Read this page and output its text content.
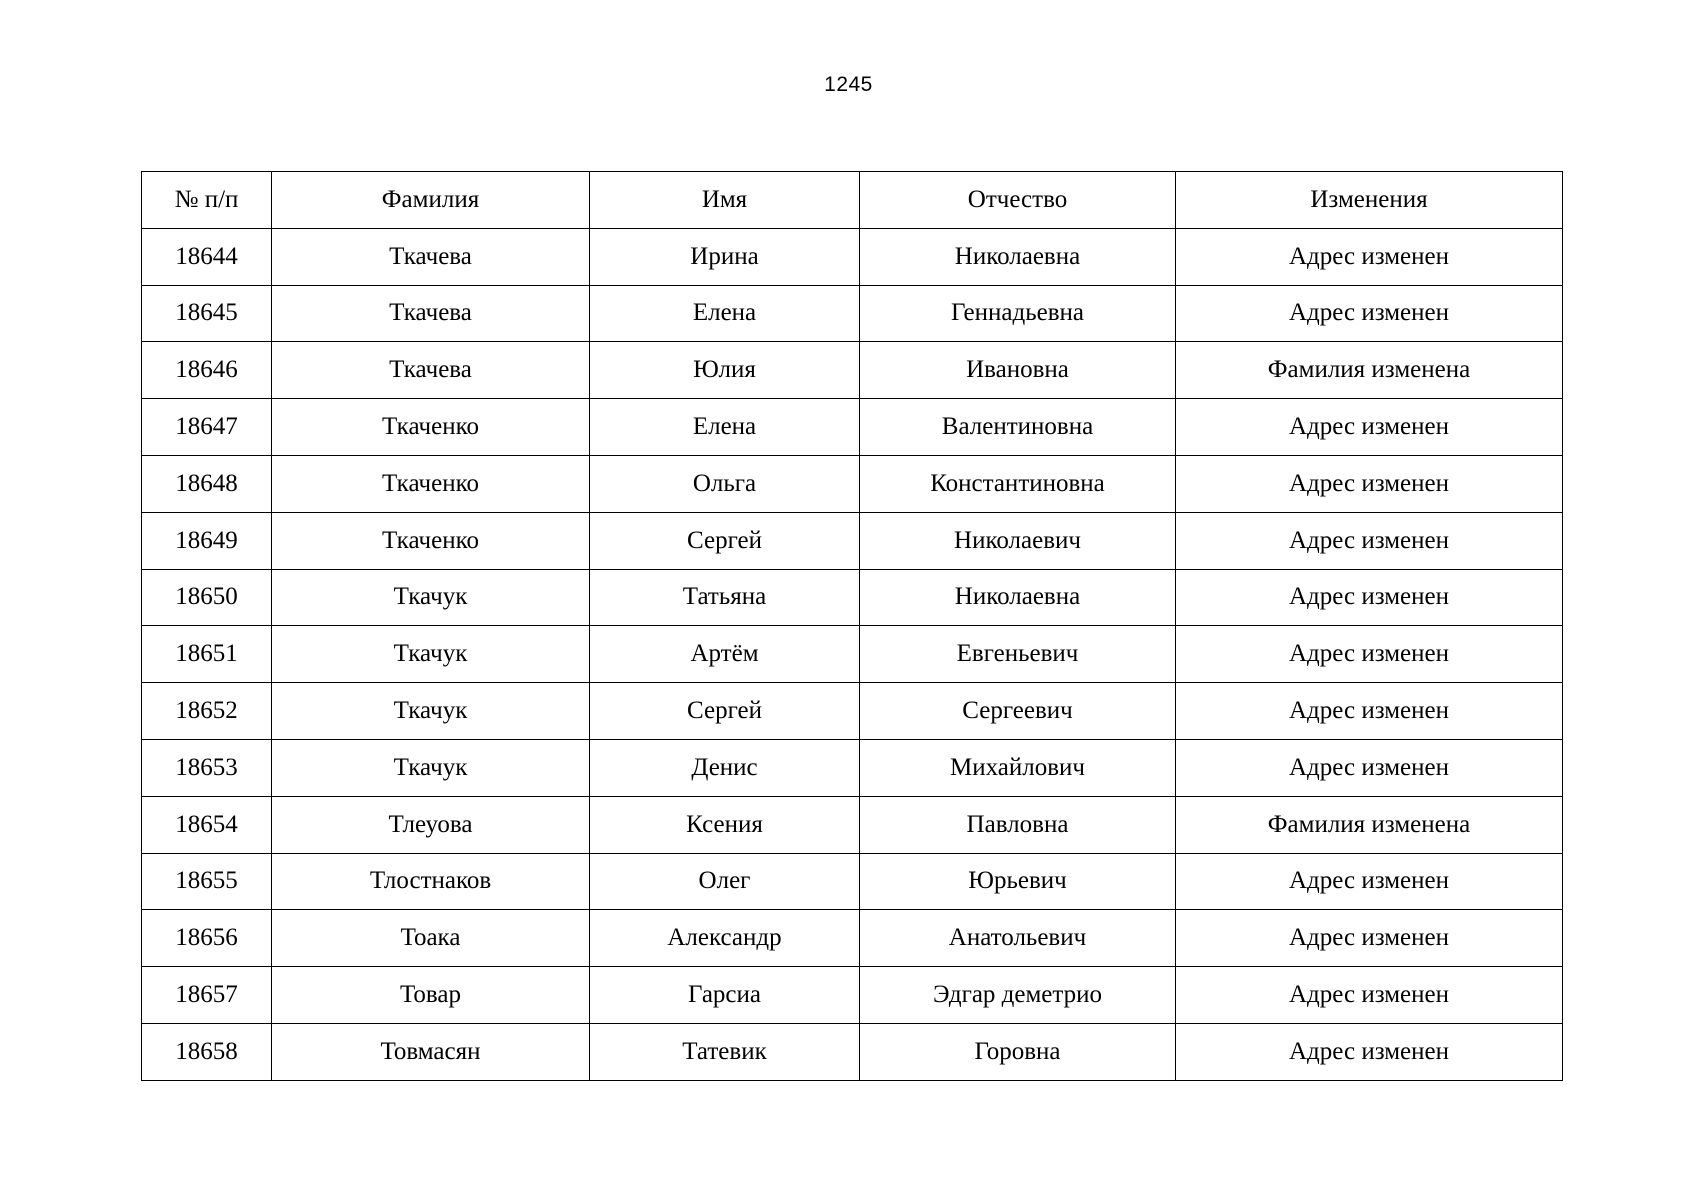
1245
№ п/п	Фамилия	Имя	Отчество	Изменения
18644	Ткачева	Ирина	Николаевна	Адрес изменен
18645	Ткачева	Елена	Геннадьевна	Адрес изменен
18646	Ткачева	Юлия	Ивановна	Фамилия изменена
18647	Ткаченко	Елена	Валентиновна	Адрес изменен
18648	Ткаченко	Ольга	Константиновна	Адрес изменен
18649	Ткаченко	Сергей	Николаевич	Адрес изменен
18650	Ткачук	Татьяна	Николаевна	Адрес изменен
18651	Ткачук	Артём	Евгеньевич	Адрес изменен
18652	Ткачук	Сергей	Сергеевич	Адрес изменен
18653	Ткачук	Денис	Михайлович	Адрес изменен
18654	Тлеуова	Ксения	Павловна	Фамилия изменена
18655	Тлостнаков	Олег	Юрьевич	Адрес изменен
18656	Тоака	Александр	Анатольевич	Адрес изменен
18657	Товар	Гарсиа	Эдгар деметрио	Адрес изменен
18658	Товмасян	Татевик	Горовна	Адрес изменен
